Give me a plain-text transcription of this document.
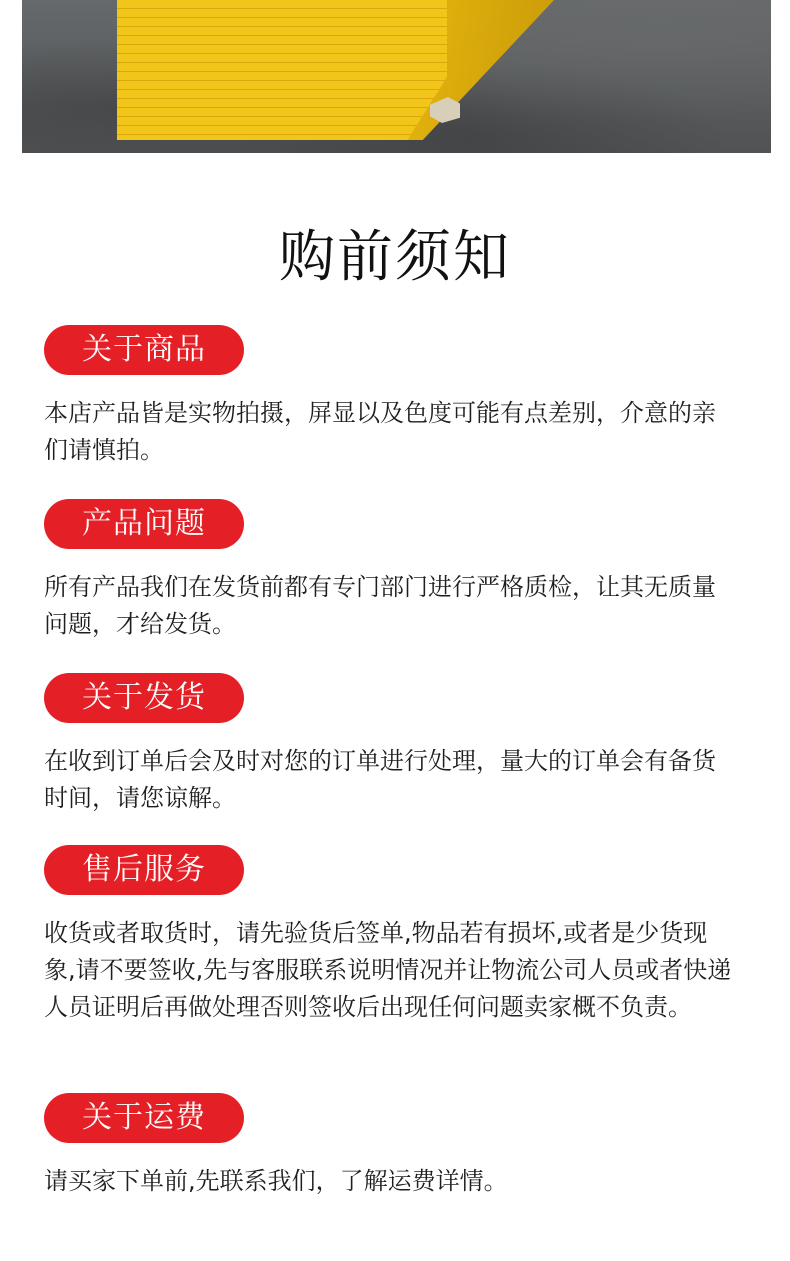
购前须知
关于商品
本店产品皆是实物拍摄，屏显以及色度可能有点差别，介意的亲们请慎拍。
产品问题
所有产品我们在发货前都有专门部门进行严格质检，让其无质量问题，才给发货。
关于发货
在收到订单后会及时对您的订单进行处理，量大的订单会有备货时间，请您谅解。
售后服务
收货或者取货时，请先验货后签单,物品若有损坏,或者是少货现象,请不要签收,先与客服联系说明情况并让物流公司人员或者快递人员证明后再做处理否则签收后出现任何问题卖家概不负责。
关于运费
请买家下单前,先联系我们，了解运费详情。
